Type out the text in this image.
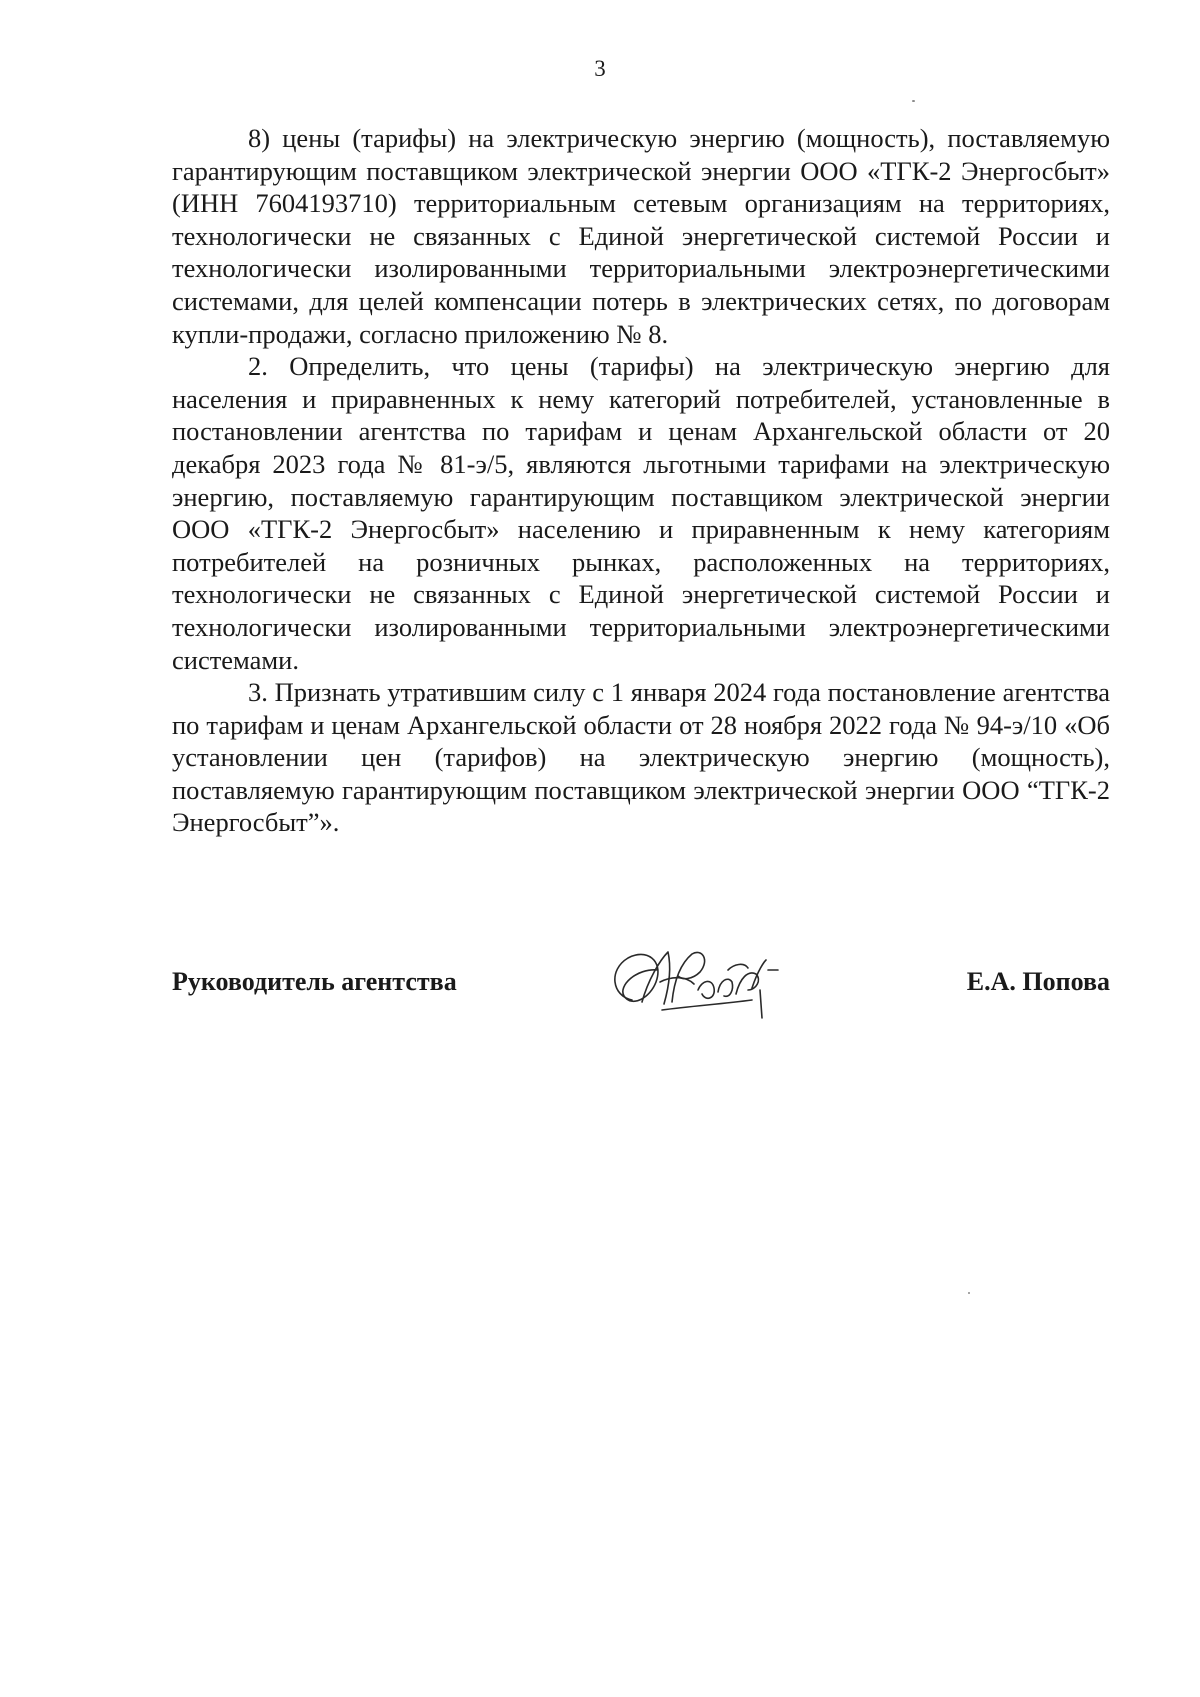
3

8) цены (тарифы) на электрическую энергию (мощность), поставляемую гарантирующим поставщиком электрической энергии ООО «ТГК-2 Энергосбыт» (ИНН 7604193710) территориальным сетевым организациям на территориях, технологически не связанных с Единой энергетической системой России и технологически изолированными территориальными электроэнергетическими системами, для целей компенсации потерь в электрических сетях, по договорам купли-продажи, согласно приложению № 8.

2. Определить, что цены (тарифы) на электрическую энергию для населения и приравненных к нему категорий потребителей, установленные в постановлении агентства по тарифам и ценам Архангельской области от 20 декабря 2023 года № 81-э/5, являются льготными тарифами на электрическую энергию, поставляемую гарантирующим поставщиком электрической энергии ООО «ТГК-2 Энергосбыт» населению и приравненным к нему категориям потребителей на розничных рынках, расположенных на территориях, технологически не связанных с Единой энергетической системой России и технологически изолированными территориальными электроэнергетическими системами.

3. Признать утратившим силу с 1 января 2024 года постановление агентства по тарифам и ценам Архангельской области от 28 ноября 2022 года № 94-э/10 «Об установлении цен (тарифов) на электрическую энергию (мощность), поставляемую гарантирующим поставщиком электрической энергии ООО “ТГК-2 Энергосбыт”».

Руководитель агентства	Е.А. Попова
